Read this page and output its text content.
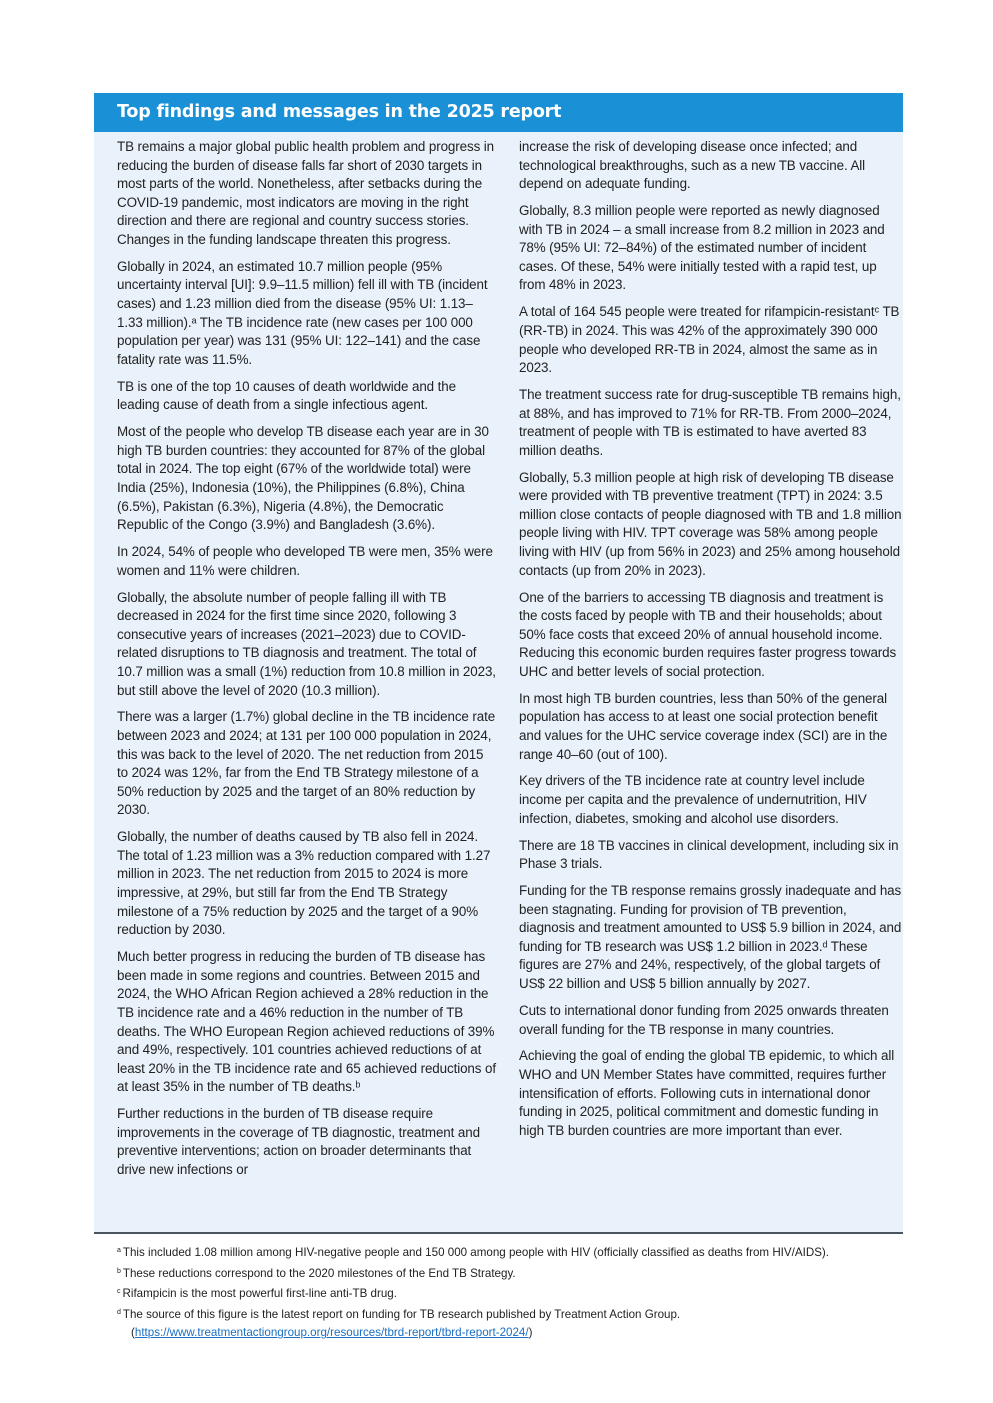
Top findings and messages in the 2025 report

TB remains a major global public health problem and progress in reducing the burden of disease falls far short of 2030 targets in most parts of the world. Nonetheless, after setbacks during the COVID-19 pandemic, most indicators are moving in the right direction and there are regional and country success stories. Changes in the funding landscape threaten this progress.

Globally in 2024, an estimated 10.7 million people (95% uncertainty interval [UI]: 9.9–11.5 million) fell ill with TB (incident cases) and 1.23 million died from the disease (95% UI: 1.13–1.33 million).ᵃ The TB incidence rate (new cases per 100 000 population per year) was 131 (95% UI: 122–141) and the case fatality rate was 11.5%.

TB is one of the top 10 causes of death worldwide and the leading cause of death from a single infectious agent.

Most of the people who develop TB disease each year are in 30 high TB burden countries: they accounted for 87% of the global total in 2024. The top eight (67% of the worldwide total) were India (25%), Indonesia (10%), the Philippines (6.8%), China (6.5%), Pakistan (6.3%), Nigeria (4.8%), the Democratic Republic of the Congo (3.9%) and Bangladesh (3.6%).

In 2024, 54% of people who developed TB were men, 35% were women and 11% were children.

Globally, the absolute number of people falling ill with TB decreased in 2024 for the first time since 2020, following 3 consecutive years of increases (2021–2023) due to COVID-related disruptions to TB diagnosis and treatment. The total of 10.7 million was a small (1%) reduction from 10.8 million in 2023, but still above the level of 2020 (10.3 million).

There was a larger (1.7%) global decline in the TB incidence rate between 2023 and 2024; at 131 per 100 000 population in 2024, this was back to the level of 2020. The net reduction from 2015 to 2024 was 12%, far from the End TB Strategy milestone of a 50% reduction by 2025 and the target of an 80% reduction by 2030.

Globally, the number of deaths caused by TB also fell in 2024. The total of 1.23 million was a 3% reduction compared with 1.27 million in 2023. The net reduction from 2015 to 2024 is more impressive, at 29%, but still far from the End TB Strategy milestone of a 75% reduction by 2025 and the target of a 90% reduction by 2030.

Much better progress in reducing the burden of TB disease has been made in some regions and countries. Between 2015 and 2024, the WHO African Region achieved a 28% reduction in the TB incidence rate and a 46% reduction in the number of TB deaths. The WHO European Region achieved reductions of 39% and 49%, respectively. 101 countries achieved reductions of at least 20% in the TB incidence rate and 65 achieved reductions of at least 35% in the number of TB deaths.ᵇ

Further reductions in the burden of TB disease require improvements in the coverage of TB diagnostic, treatment and preventive interventions; action on broader determinants that drive new infections or

increase the risk of developing disease once infected; and technological breakthroughs, such as a new TB vaccine. All depend on adequate funding.

Globally, 8.3 million people were reported as newly diagnosed with TB in 2024 – a small increase from 8.2 million in 2023 and 78% (95% UI: 72–84%) of the estimated number of incident cases. Of these, 54% were initially tested with a rapid test, up from 48% in 2023.

A total of 164 545 people were treated for rifampicin-resistantᶜ TB (RR-TB) in 2024. This was 42% of the approximately 390 000 people who developed RR-TB in 2024, almost the same as in 2023.

The treatment success rate for drug-susceptible TB remains high, at 88%, and has improved to 71% for RR-TB. From 2000–2024, treatment of people with TB is estimated to have averted 83 million deaths.

Globally, 5.3 million people at high risk of developing TB disease were provided with TB preventive treatment (TPT) in 2024: 3.5 million close contacts of people diagnosed with TB and 1.8 million people living with HIV. TPT coverage was 58% among people living with HIV (up from 56% in 2023) and 25% among household contacts (up from 20% in 2023).

One of the barriers to accessing TB diagnosis and treatment is the costs faced by people with TB and their households; about 50% face costs that exceed 20% of annual household income. Reducing this economic burden requires faster progress towards UHC and better levels of social protection.

In most high TB burden countries, less than 50% of the general population has access to at least one social protection benefit and values for the UHC service coverage index (SCI) are in the range 40–60 (out of 100).

Key drivers of the TB incidence rate at country level include income per capita and the prevalence of undernutrition, HIV infection, diabetes, smoking and alcohol use disorders.

There are 18 TB vaccines in clinical development, including six in Phase 3 trials.

Funding for the TB response remains grossly inadequate and has been stagnating. Funding for provision of TB prevention, diagnosis and treatment amounted to US$ 5.9 billion in 2024, and funding for TB research was US$ 1.2 billion in 2023.ᵈ These figures are 27% and 24%, respectively, of the global targets of US$ 22 billion and US$ 5 billion annually by 2027.

Cuts to international donor funding from 2025 onwards threaten overall funding for the TB response in many countries.

Achieving the goal of ending the global TB epidemic, to which all WHO and UN Member States have committed, requires further intensification of efforts. Following cuts in international donor funding in 2025, political commitment and domestic funding in high TB burden countries are more important than ever.

$^a$ This included 1.08 million among HIV-negative people and 150 000 among people with HIV (officially classified as deaths from HIV/AIDS).
$^b$ These reductions correspond to the 2020 milestones of the End TB Strategy.
$^c$ Rifampicin is the most powerful first-line anti-TB drug.
$^d$ The source of this figure is the latest report on funding for TB research published by Treatment Action Group.
(https://www.treatmentactiongroup.org/resources/tbrd-report/tbrd-report-2024/)
